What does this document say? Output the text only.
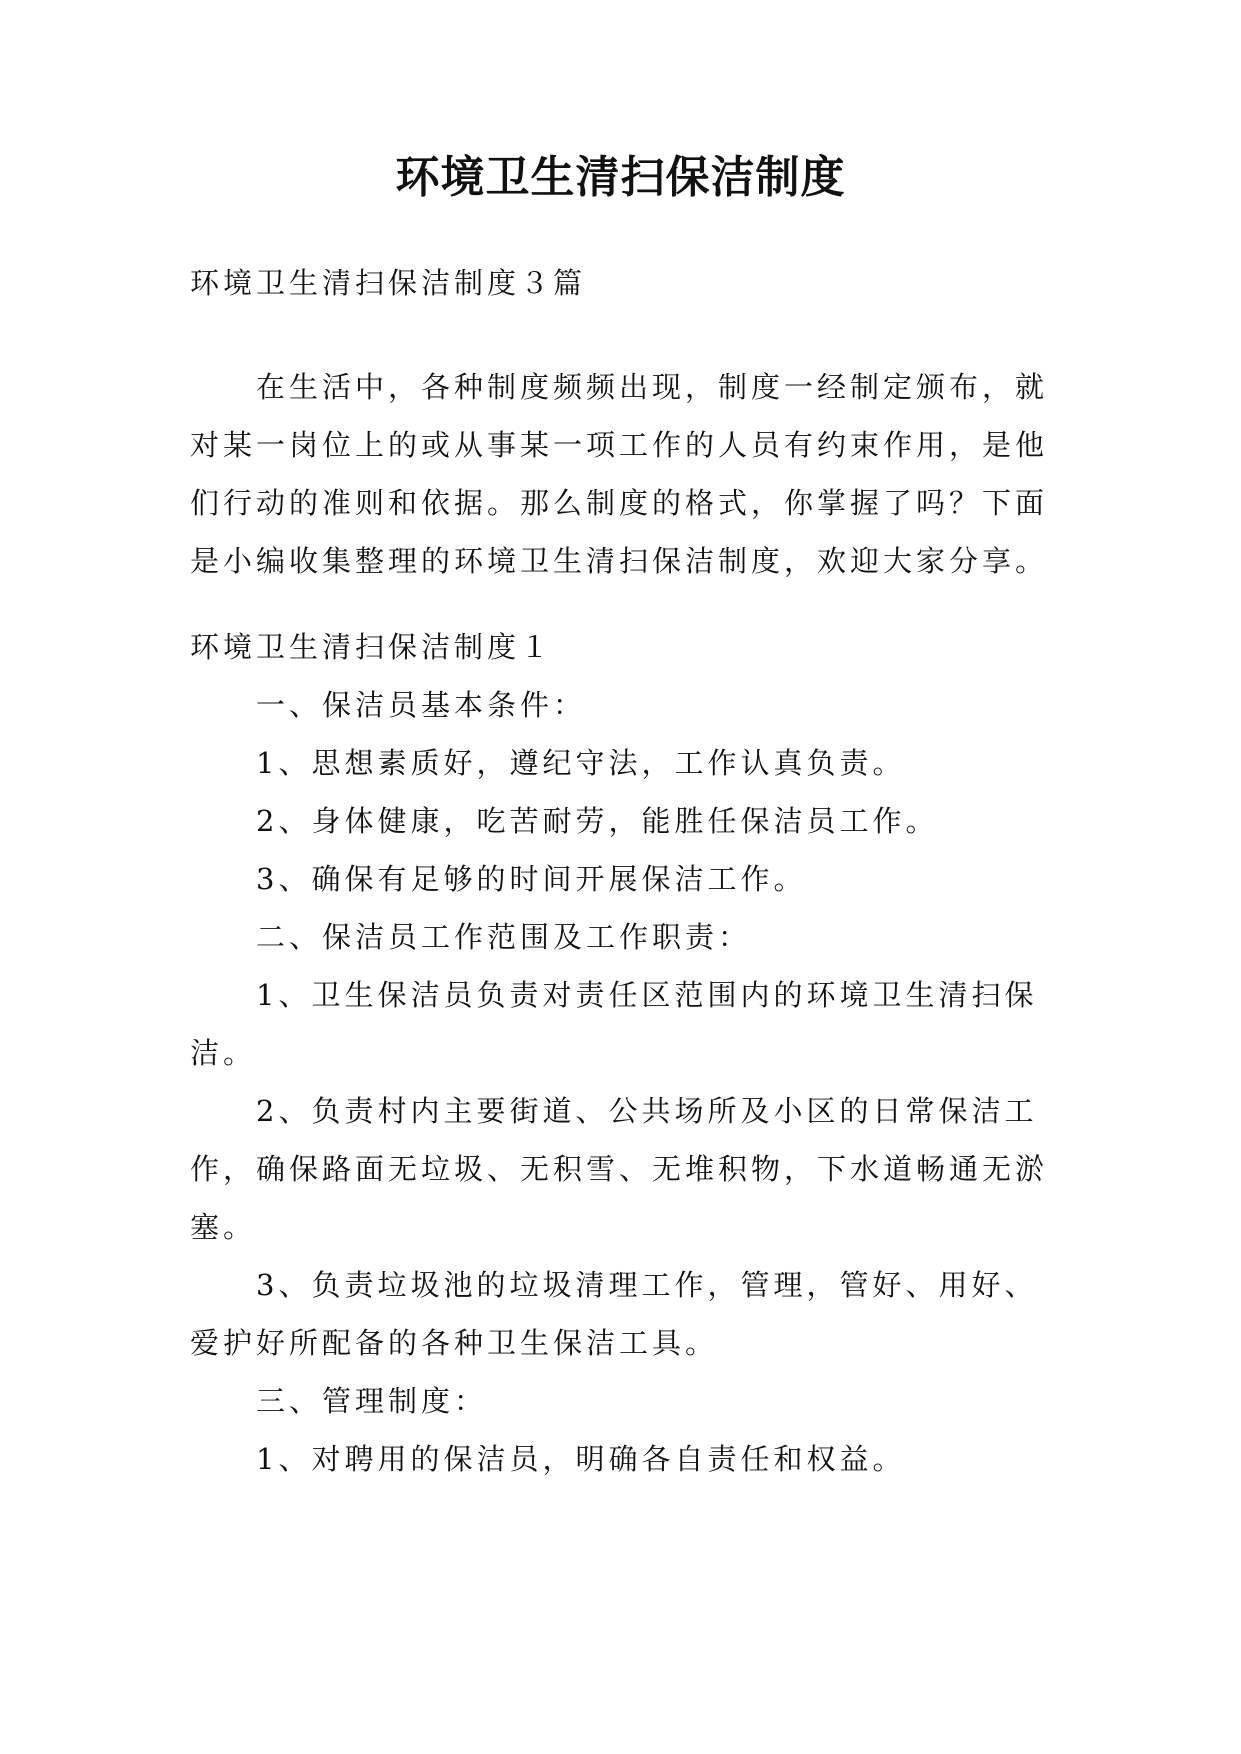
环境卫生清扫保洁制度
环境卫生清扫保洁制度３篇
在生活中，各种制度频频出现，制度一经制定颁布，就
对某一岗位上的或从事某一项工作的人员有约束作用，是他
们行动的准则和依据。那么制度的格式，你掌握了吗？下面
是小编收集整理的环境卫生清扫保洁制度，欢迎大家分享。
环境卫生清扫保洁制度１
一、保洁员基本条件：
1、思想素质好，遵纪守法，工作认真负责。
2、身体健康，吃苦耐劳，能胜任保洁员工作。
3、确保有足够的时间开展保洁工作。
二、保洁员工作范围及工作职责：
1、卫生保洁员负责对责任区范围内的环境卫生清扫保
洁。
2、负责村内主要街道、公共场所及小区的日常保洁工
作，确保路面无垃圾、无积雪、无堆积物，下水道畅通无淤
塞。
3、负责垃圾池的垃圾清理工作，管理，管好、用好、
爱护好所配备的各种卫生保洁工具。
三、管理制度：
1、对聘用的保洁员，明确各自责任和权益。
